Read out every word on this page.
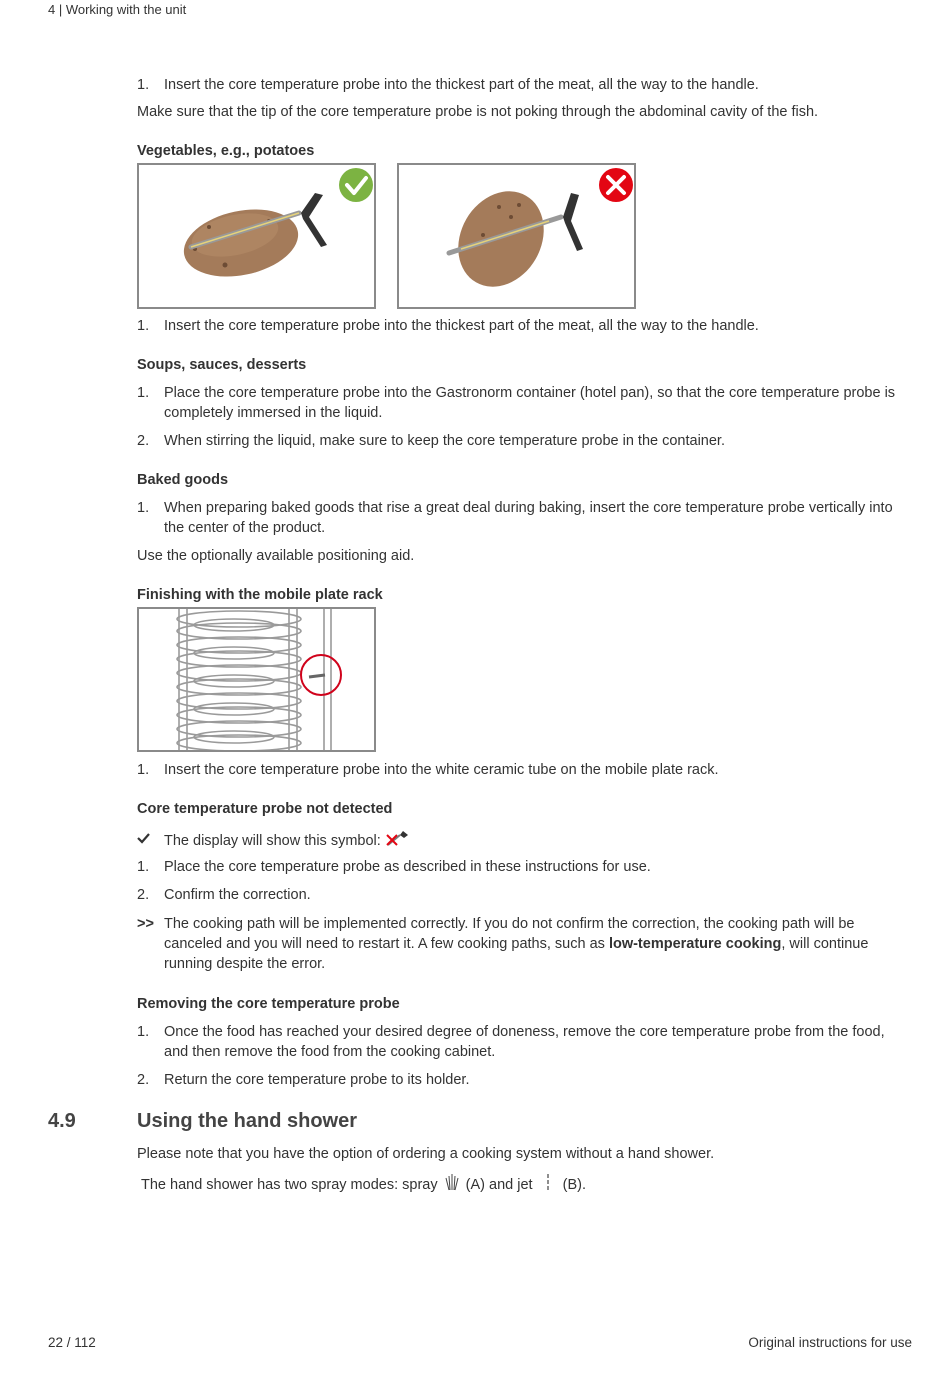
4 | Working with the unit
1.	Insert the core temperature probe into the thickest part of the meat, all the way to the handle.
Make sure that the tip of the core temperature probe is not poking through the abdominal cavity of the fish.
Vegetables, e.g., potatoes
1.	Insert the core temperature probe into the thickest part of the meat, all the way to the handle.
Soups, sauces, desserts
1.	Place the core temperature probe into the Gastronorm container (hotel pan), so that the core temperature probe is completely immersed in the liquid.
2.	When stirring the liquid, make sure to keep the core temperature probe in the container.
Baked goods
1.	When preparing baked goods that rise a great deal during baking, insert the core temperature probe vertically into the center of the product.
Use the optionally available positioning aid.
Finishing with the mobile plate rack
1.	Insert the core temperature probe into the white ceramic tube on the mobile plate rack.
Core temperature probe not detected
The display will show this symbol:
1.	Place the core temperature probe as described in these instructions for use.
2.	Confirm the correction.
>> The cooking path will be implemented correctly. If you do not confirm the correction, the cooking path will be canceled and you will need to restart it. A few cooking paths, such as low-temperature cooking, will continue running despite the error.
Removing the core temperature probe
1.	Once the food has reached your desired degree of doneness, remove the core temperature probe from the food, and then remove the food from the cooking cabinet.
2.	Return the core temperature probe to its holder.
4.9	Using the hand shower
Please note that you have the option of ordering a cooking system without a hand shower.
The hand shower has two spray modes: spray (A) and jet (B).
22 / 112	Original instructions for use
